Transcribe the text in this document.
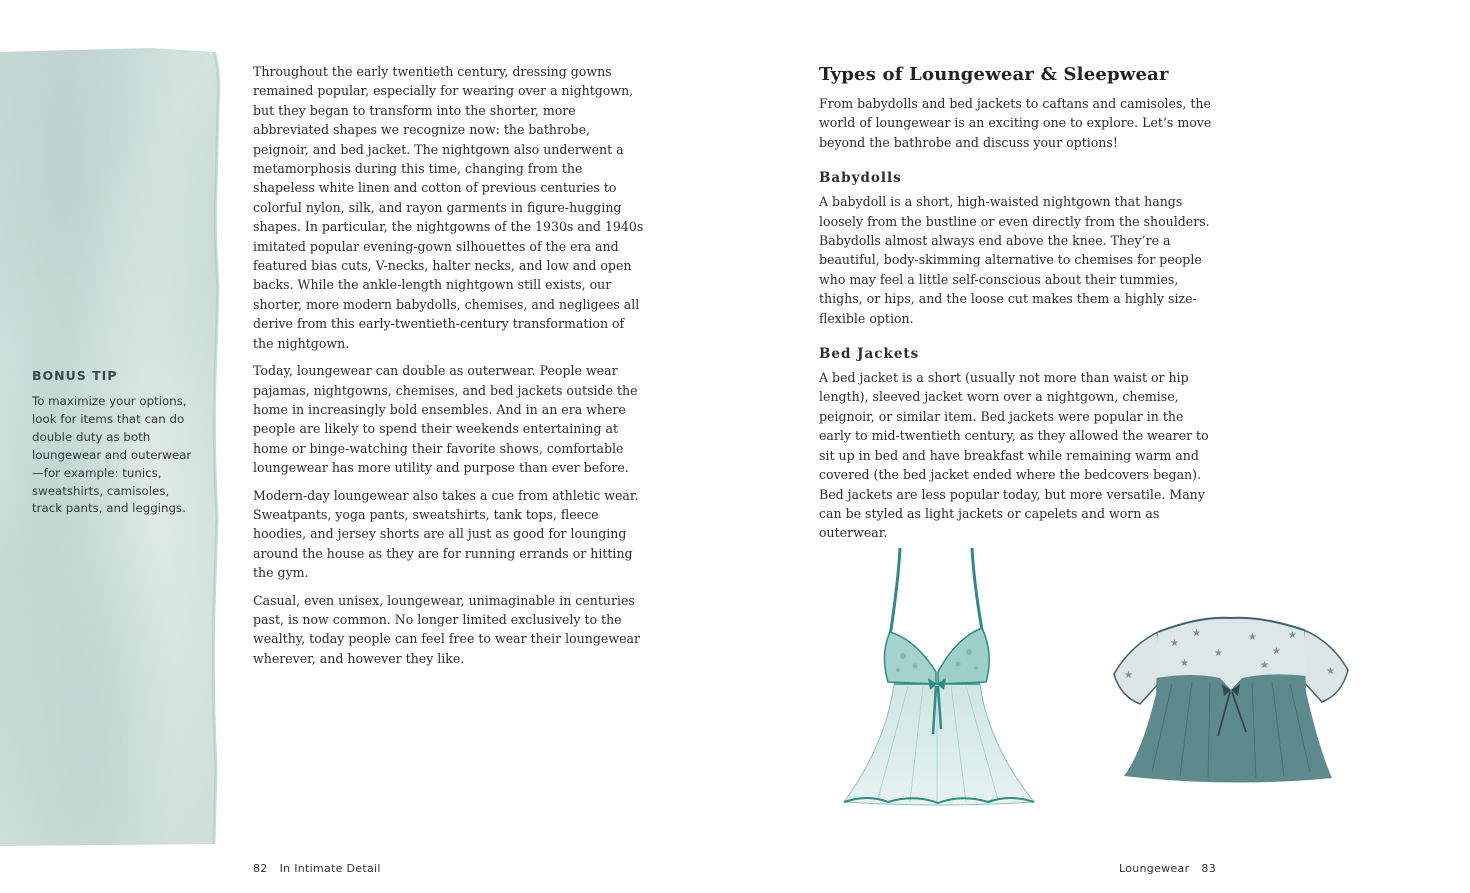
BONUS TIP

To maximize your options, look for items that can do double duty as both loungewear and outerwear—for example: tunics, sweatshirts, camisoles, track pants, and leggings.

Throughout the early twentieth century, dressing gowns remained popular, especially for wearing over a nightgown, but they began to transform into the shorter, more abbreviated shapes we recognize now: the bathrobe, peignoir, and bed jacket. The nightgown also underwent a metamorphosis during this time, changing from the shapeless white linen and cotton of previous centuries to colorful nylon, silk, and rayon garments in figure-hugging shapes. In particular, the nightgowns of the 1930s and 1940s imitated popular evening-gown silhouettes of the era and featured bias cuts, V-necks, halter necks, and low and open backs. While the ankle-length nightgown still exists, our shorter, more modern babydolls, chemises, and negligees all derive from this early-twentieth-century transformation of the nightgown.

Today, loungewear can double as outerwear. People wear pajamas, nightgowns, chemises, and bed jackets outside the home in increasingly bold ensembles. And in an era where people are likely to spend their weekends entertaining at home or binge-watching their favorite shows, comfortable loungewear has more utility and purpose than ever before.

Modern-day loungewear also takes a cue from athletic wear. Sweatpants, yoga pants, sweatshirts, tank tops, fleece hoodies, and jersey shorts are all just as good for lounging around the house as they are for running errands or hitting the gym.

Casual, even unisex, loungewear, unimaginable in centuries past, is now common. No longer limited exclusively to the wealthy, today people can feel free to wear their loungewear wherever, and however they like.

Types of Loungewear & Sleepwear

From babydolls and bed jackets to caftans and camisoles, the world of loungewear is an exciting one to explore. Let’s move beyond the bathrobe and discuss your options!

Babydolls

A babydoll is a short, high-waisted nightgown that hangs loosely from the bustline or even directly from the shoulders. Babydolls almost always end above the knee. They’re a beautiful, body-skimming alternative to chemises for people who may feel a little self-conscious about their tummies, thighs, or hips, and the loose cut makes them a highly size-flexible option.

Bed Jackets

A bed jacket is a short (usually not more than waist or hip length), sleeved jacket worn over a nightgown, chemise, peignoir, or similar item. Bed jackets were popular in the early to mid-twentieth century, as they allowed the wearer to sit up in bed and have breakfast while remaining warm and covered (the bed jacket ended where the bedcovers began). Bed jackets are less popular today, but more versatile. Many can be styled as light jackets or capelets and worn as outerwear.

★
★
★
★
★
★
★	★
★	★
82 In Intimate Detail	Loungewear 83
